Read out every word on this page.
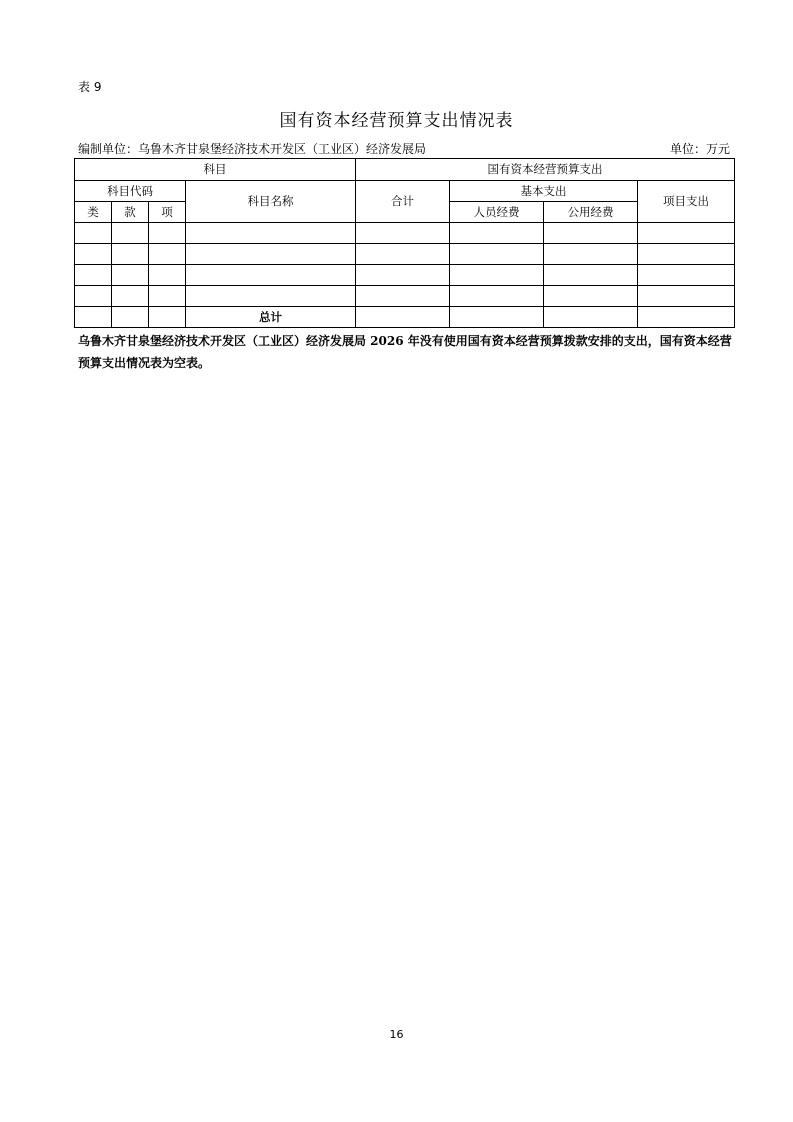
表 9
国有资本经营预算支出情况表
编制单位：乌鲁木齐甘泉堡经济技术开发区（工业区）经济发展局	单位：万元
科目				国有资本经营预算支出			
科目代码			科目名称	合计	基本支出		项目支出
类	款	项			人员经费	公用经费	

			总计				
乌鲁木齐甘泉堡经济技术开发区（工业区）经济发展局 2026 年没有使用国有资本经营预算拨款安排的支出，国有资本经营预算支出情况表为空表。
16
